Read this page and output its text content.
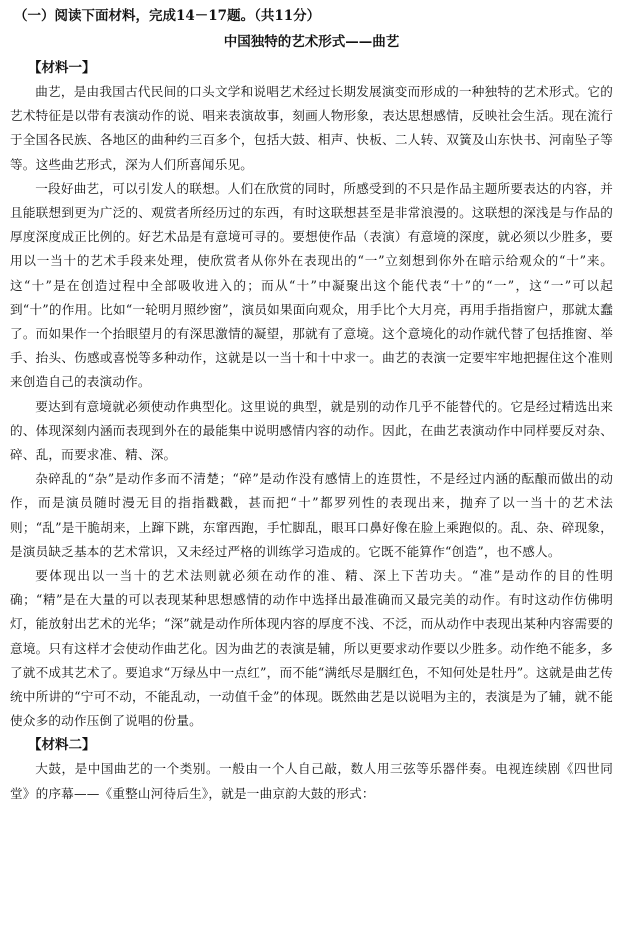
（一）阅读下面材料，完成14－17题。（共11分）
中国独特的艺术形式——曲艺
【材料一】

曲艺，是由我国古代民间的口头文学和说唱艺术经过长期发展演变而形成的一种独特的艺术形式。它的艺术特征是以带有表演动作的说、唱来表演故事，刻画人物形象，表达思想感情，反映社会生活。现在流行于全国各民族、各地区的曲种约三百多个，包括大鼓、相声、快板、二人转、双簧及山东快书、河南坠子等等。这些曲艺形式，深为人们所喜闻乐见。

一段好曲艺，可以引发人的联想。人们在欣赏的同时，所感受到的不只是作品主题所要表达的内容，并且能联想到更为广泛的、观赏者所经历过的东西，有时这联想甚至是非常浪漫的。这联想的深浅是与作品的厚度深度成正比例的。好艺术品是有意境可寻的。要想使作品（表演）有意境的深度，就必须以少胜多，要用以一当十的艺术手段来处理，使欣赏者从你外在表现出的“一”立刻想到你外在暗示给观众的“十”来。这“十”是在创造过程中全部吸收进入的；而从“十”中凝聚出这个能代表“十”的“一”，这“一”可以起到“十”的作用。比如“一轮明月照纱窗”，演员如果面向观众，用手比个大月亮，再用手指指窗户，那就太蠢了。而如果作一个抬眼望月的有深思激情的凝望，那就有了意境。这个意境化的动作就代替了包括推窗、举手、抬头、伤感或喜悦等多种动作，这就是以一当十和十中求一。曲艺的表演一定要牢牢地把握住这个准则来创造自己的表演动作。

要达到有意境就必须使动作典型化。这里说的典型，就是别的动作几乎不能替代的。它是经过精选出来的、体现深刻内涵而表现到外在的最能集中说明感情内容的动作。因此，在曲艺表演动作中同样要反对杂、碎、乱，而要求准、精、深。

杂碎乱的“杂”是动作多而不清楚；“碎”是动作没有感情上的连贯性，不是经过内涵的酝酿而做出的动作，而是演员随时漫无目的指指戳戳，甚而把“十”都罗列性的表现出来，抛弃了以一当十的艺术法则；“乱”是干脆胡来，上蹿下跳，东窜西跑，手忙脚乱，眼耳口鼻好像在脸上乘跑似的。乱、杂、碎现象，是演员缺乏基本的艺术常识，又未经过严格的训练学习造成的。它既不能算作“创造”，也不感人。

要体现出以一当十的艺术法则就必须在动作的准、精、深上下苦功夫。“准”是动作的目的性明确；“精”是在大量的可以表现某种思想感情的动作中选择出最准确而又最完美的动作。有时这动作仿佛明灯，能放射出艺术的光华；“深”就是动作所体现内容的厚度不浅、不泛，而从动作中表现出某种内容需要的意境。只有这样才会使动作曲艺化。因为曲艺的表演是辅，所以更要求动作要以少胜多。动作绝不能多，多了就不成其艺术了。要追求“万绿丛中一点红”，而不能“满纸尽是胭红色，不知何处是牡丹”。这就是曲艺传统中所讲的“宁可不动，不能乱动，一动值千金”的体现。既然曲艺是以说唱为主的，表演是为了辅，就不能使众多的动作压倒了说唱的份量。

【材料二】

大鼓，是中国曲艺的一个类别。一般由一个人自己敲，数人用三弦等乐器伴奏。电视连续剧《四世同堂》的序幕——《重整山河待后生》，就是一曲京韵大鼓的形式：
